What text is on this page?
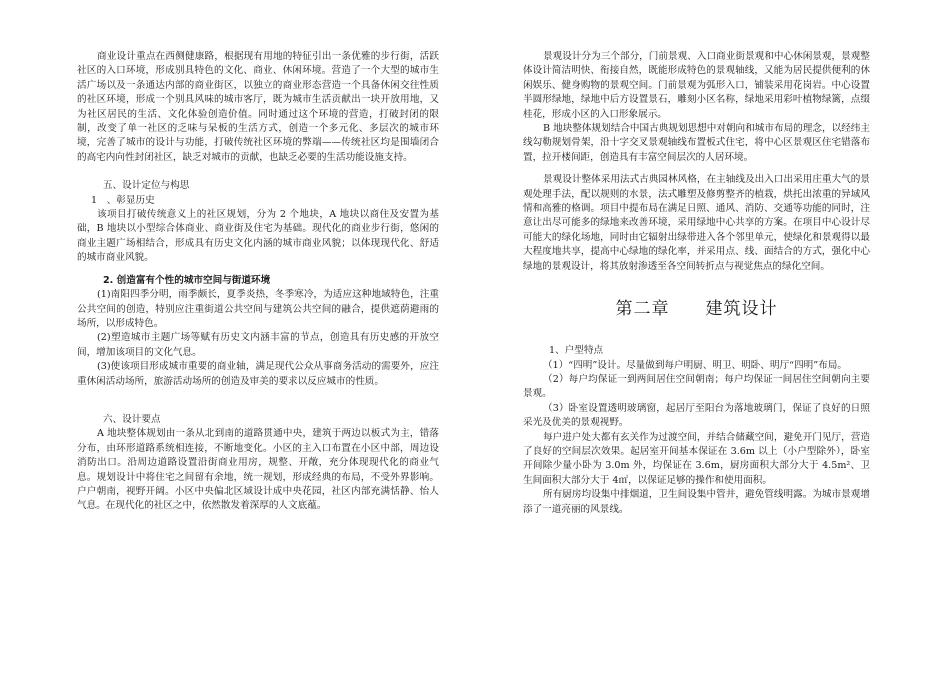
商业设计重点在西侧健康路，根据现有用地的特征引出一条优雅的步行街，活跃社区的入口环境，形成别具特色的文化、商业、休闲环境。营造了一个大型的城市生活广场以及一条通达内部的商业街区，以独立的商业形态营造一个具备休闲交往性质的社区环境，形成一个别具风味的城市客厅，既为城市生活贡献出一块开放用地，又为社区居民的生活、文化体验创造价值。同时通过这个环境的营造，打破封闭的限制，改变了单一社区的乏味与呆板的生活方式，创造一个多元化、多层次的城市环境，完善了城市的设计与功能，打破传统社区环境的弊端——传统社区均是围墙闭合的高宅内向性封闭社区，缺乏对城市的贡献，也缺乏必要的生活功能设施支持。

五、设计定位与构思

1　、彰显历史

该项目打破传统意义上的社区规划，分为 2 个地块，A 地块以商住及安置为基础，B 地块以小型综合体商业、商业街及住宅为基础。现代化的商业步行街，悠闲的商业主题广场相结合，形成具有历史文化内涵的城市商业风貌；以体现现代化、舒适的城市商业风貌。

2. 创造富有个性的城市空间与街道环境

(1)南阳四季分明，雨季颇长，夏季炎热，冬季寒冷，为适应这种地域特色，注重公共空间的创造，特别应注重街道公共空间与建筑公共空间的融合，提供遮荫避雨的场所，以形成特色。

(2)塑造城市主题广场等赋有历史文内涵丰富的节点，创造具有历史感的开放空间，增加该项目的文化气息。

(3)使该项目形成城市重要的商业轴，满足现代公众从事商务活动的需要外，应注重休闲活动场所，旅游活动场所的创造及审美的要求以反应城市的性质。

六、设计要点

A 地块整体规划由一条从北到南的道路贯通中央，建筑于两边以板式为主，错落分布，由环形道路系统相连接，不断地变化。小区的主入口布置在小区中部，周边设消防出口。沿周边道路设置沿街商业用房，规整、开敞，充分体现现代化的商业气息。规划设计中将住宅之间留有余地，统一规划，形成经典的布局，不受外界影响。户户朝南，视野开阔。小区中央偏北区域设计成中央花园，社区内部充满恬静、怡人气息。在现代化的社区之中，依然散发着深厚的人文底蕴。

景观设计分为三个部分，门前景观、入口商业街景观和中心休闲景观，景观整体设计简洁明快、衔接自然，既能形成特色的景观轴线，又能为居民提供便利的休闲娱乐、健身购物的景观空间。门前景观为弧形入口，铺装采用花岗岩。中心设置半圆形绿地，绿地中后方设置景石，雕刻小区名称，绿地采用彩叶植物绿篱，点缀桂花，形成小区的入口形象展示。

B 地块整体规划结合中国古典规划思想中对朝向和城市布局的理念，以经纬主线勾勒规划骨架，沿十字交叉景观轴线布置板式住宅，将中心区景观区住宅错落布置，拉开楼间距，创造具有丰富空间层次的人居环境。

景观设计整体采用法式古典园林风格，在主轴线及出入口出采用庄重大气的景观处理手法，配以规则的水景，法式雕塑及修剪整齐的植栽，烘托出浓重的异域风情和高雅的格调。项目中提布局在满足日照、通风、消防、交通等功能的同时，注意让出尽可能多的绿地来改善环境，采用绿地中心共享的方案。在项目中心设计尽可能大的绿化场地，同时由它辐射出绿带进入各个邻里单元，使绿化和景观得以最大程度地共享，提高中心绿地的绿化率，并采用点、线、面结合的方式，强化中心绿地的景观设计，将其放射渗透至各空间转折点与视觉焦点的绿化空间。

第二章　　建筑设计

1、户型特点

（1）“四明”设计。尽量做到每户明厨、明卫、明卧、明厅“四明”布局。

（2）每户均保证一到两间居住空间朝南；每户均保证一间居住空间朝向主要景观。

（3）卧室设置透明玻璃窗，起居厅至阳台为落地玻璃门，保证了良好的日照采光及优美的景观视野。

每户进户处大都有玄关作为过渡空间，并结合储藏空间，避免开门见厅，营造了良好的空间层次效果。起居室开间基本保证在 3.6m 以上（小户型除外），卧室开间除少量小卧为 3.0m 外，均保证在 3.6m，厨房面积大部分大于 4.5m²、卫生间面积大部分大于 4㎡，以保证足够的操作和使用面积。

所有厨房均设集中排烟道，卫生间设集中管井，避免管线明露。为城市景观增添了一道亮丽的风景线。
